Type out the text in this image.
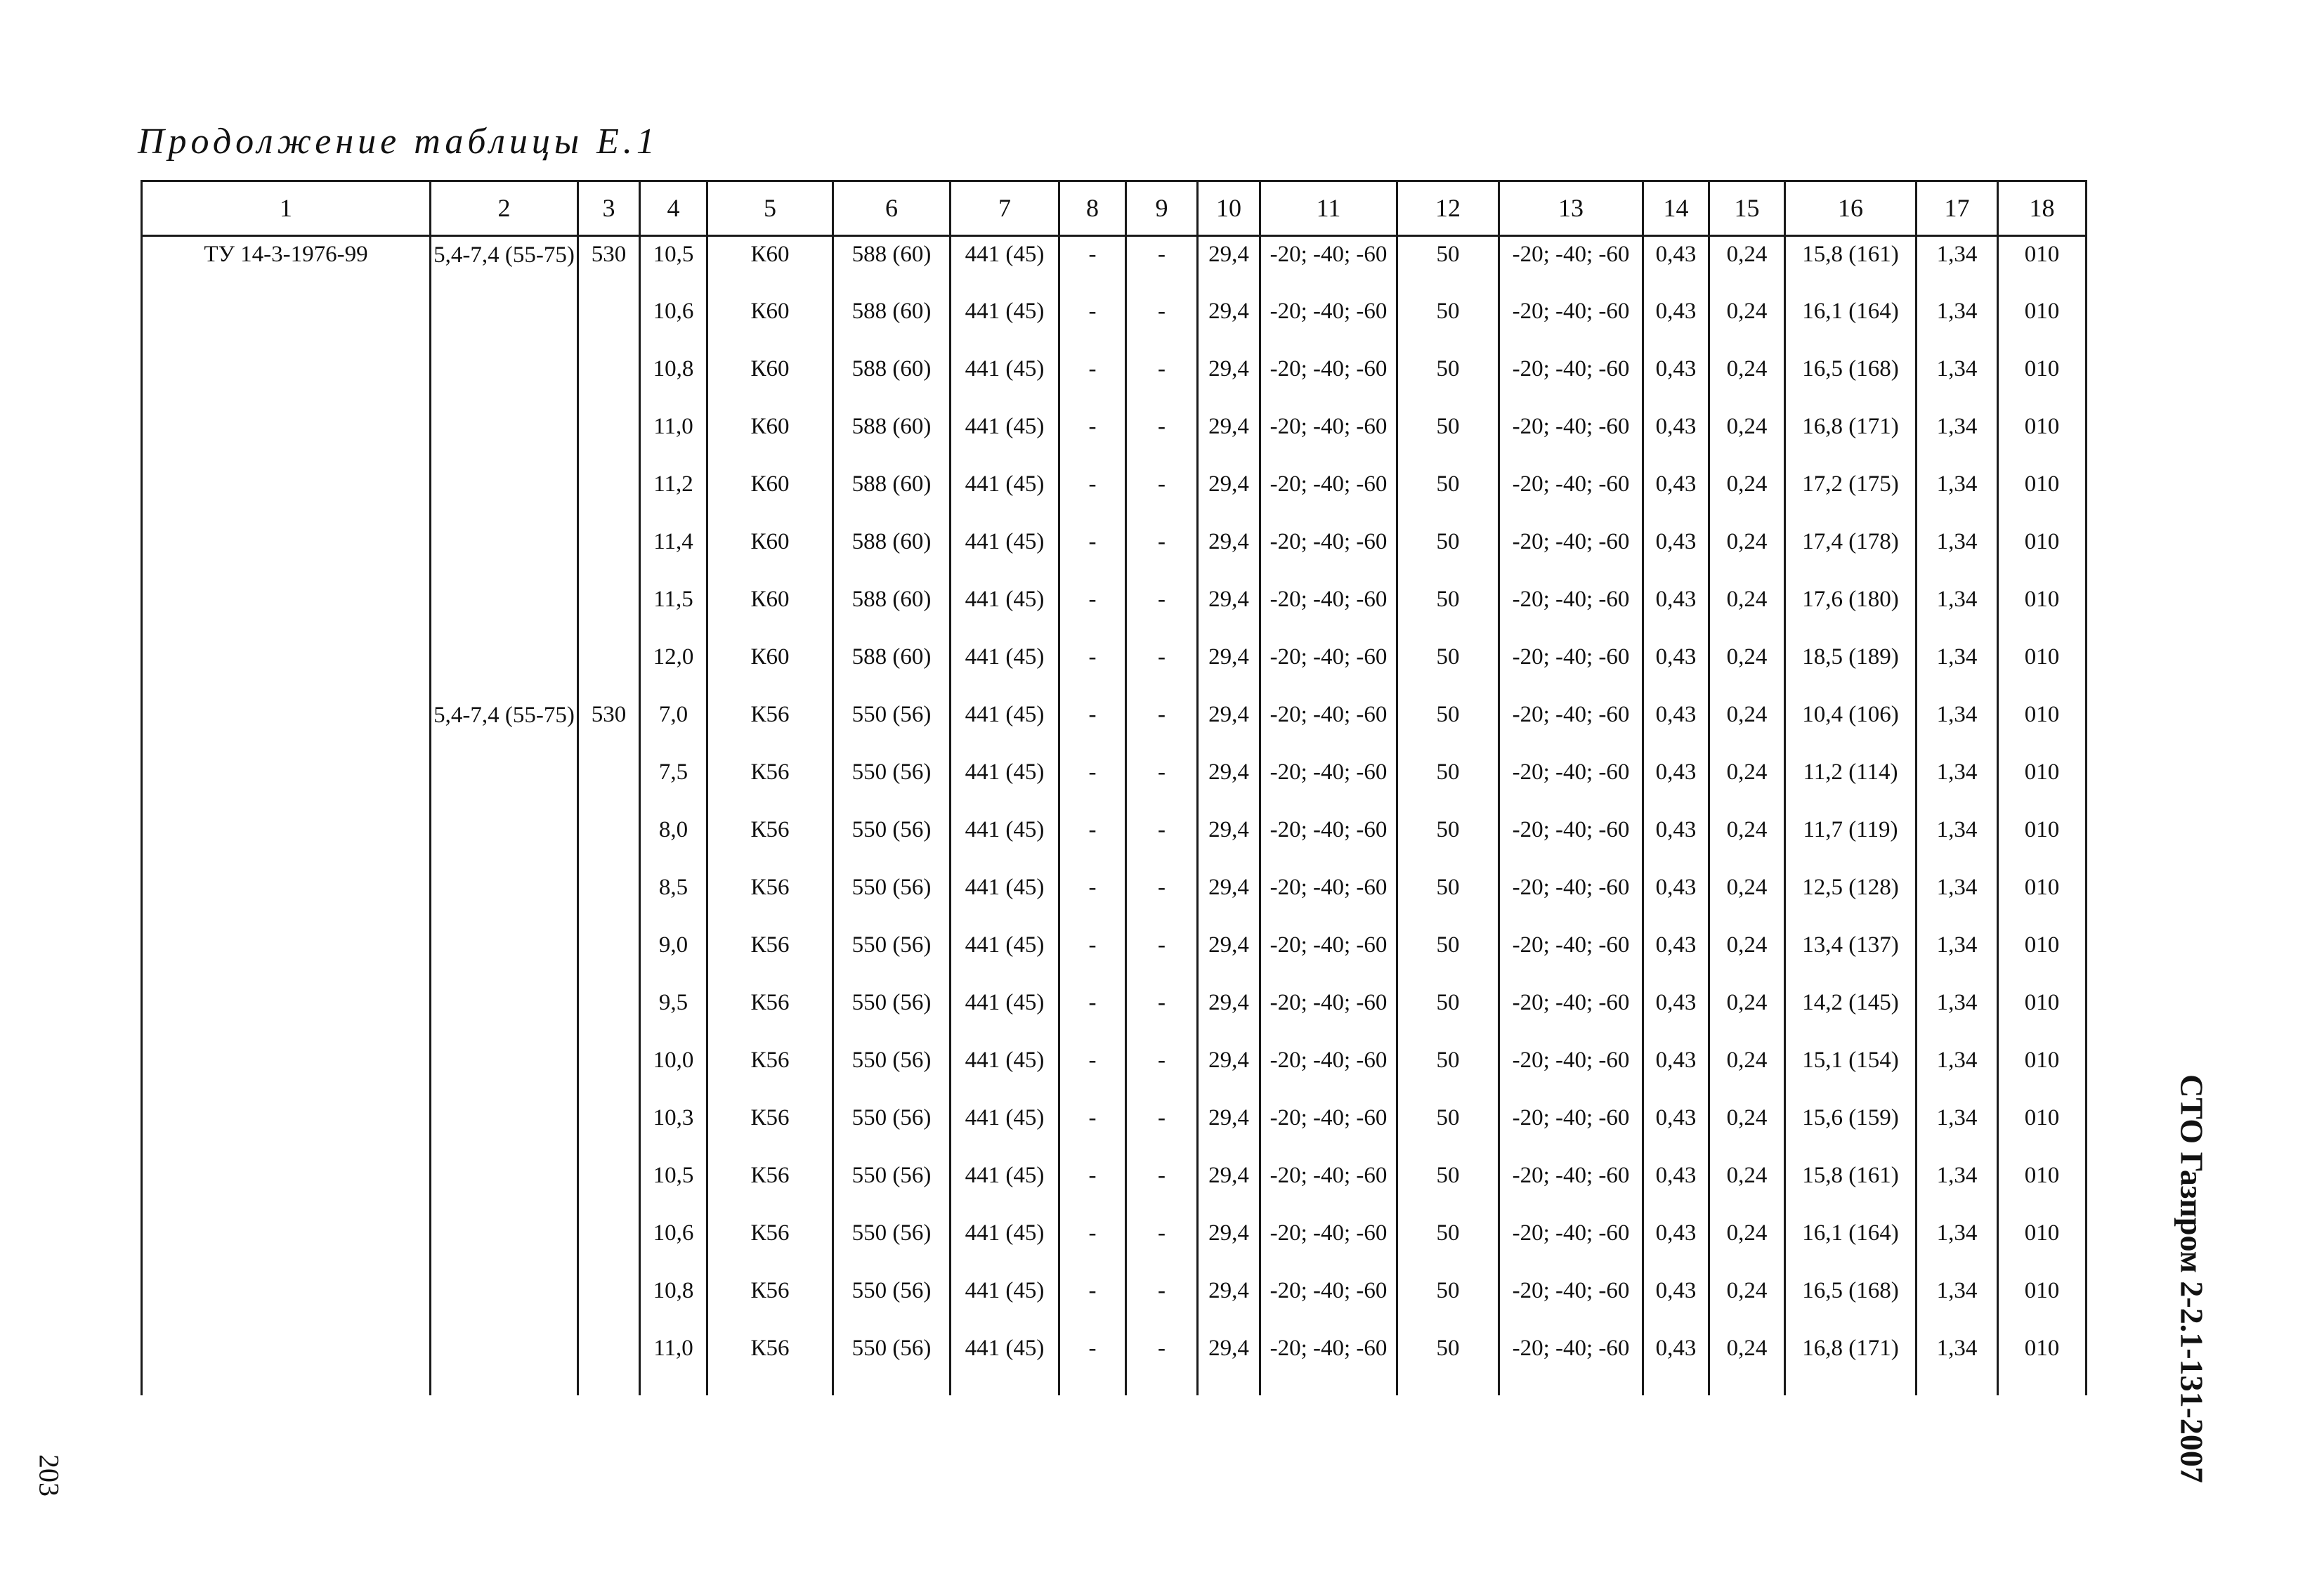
Продолжение таблицы Е.1
1	2	3	4	5	6	7	8	9	10	11	12	13	14	15	16	17	18
ТУ 14-3-1976-99	5,4-7,4 (55-75)	530	10,5	К60	588 (60)	441 (45)	-	-	29,4	-20; -40; -60	50	-20; -40; -60	0,43	0,24	15,8 (161)	1,34	010
			10,6	К60	588 (60)	441 (45)	-	-	29,4	-20; -40; -60	50	-20; -40; -60	0,43	0,24	16,1 (164)	1,34	010
			10,8	К60	588 (60)	441 (45)	-	-	29,4	-20; -40; -60	50	-20; -40; -60	0,43	0,24	16,5 (168)	1,34	010
			11,0	К60	588 (60)	441 (45)	-	-	29,4	-20; -40; -60	50	-20; -40; -60	0,43	0,24	16,8 (171)	1,34	010
			11,2	К60	588 (60)	441 (45)	-	-	29,4	-20; -40; -60	50	-20; -40; -60	0,43	0,24	17,2 (175)	1,34	010
			11,4	К60	588 (60)	441 (45)	-	-	29,4	-20; -40; -60	50	-20; -40; -60	0,43	0,24	17,4 (178)	1,34	010
			11,5	К60	588 (60)	441 (45)	-	-	29,4	-20; -40; -60	50	-20; -40; -60	0,43	0,24	17,6 (180)	1,34	010
			12,0	К60	588 (60)	441 (45)	-	-	29,4	-20; -40; -60	50	-20; -40; -60	0,43	0,24	18,5 (189)	1,34	010
	5,4-7,4 (55-75)	530	7,0	К56	550 (56)	441 (45)	-	-	29,4	-20; -40; -60	50	-20; -40; -60	0,43	0,24	10,4 (106)	1,34	010
			7,5	К56	550 (56)	441 (45)	-	-	29,4	-20; -40; -60	50	-20; -40; -60	0,43	0,24	11,2 (114)	1,34	010
			8,0	К56	550 (56)	441 (45)	-	-	29,4	-20; -40; -60	50	-20; -40; -60	0,43	0,24	11,7 (119)	1,34	010
			8,5	К56	550 (56)	441 (45)	-	-	29,4	-20; -40; -60	50	-20; -40; -60	0,43	0,24	12,5 (128)	1,34	010
			9,0	К56	550 (56)	441 (45)	-	-	29,4	-20; -40; -60	50	-20; -40; -60	0,43	0,24	13,4 (137)	1,34	010
			9,5	К56	550 (56)	441 (45)	-	-	29,4	-20; -40; -60	50	-20; -40; -60	0,43	0,24	14,2 (145)	1,34	010
			10,0	К56	550 (56)	441 (45)	-	-	29,4	-20; -40; -60	50	-20; -40; -60	0,43	0,24	15,1 (154)	1,34	010
			10,3	К56	550 (56)	441 (45)	-	-	29,4	-20; -40; -60	50	-20; -40; -60	0,43	0,24	15,6 (159)	1,34	010
			10,5	К56	550 (56)	441 (45)	-	-	29,4	-20; -40; -60	50	-20; -40; -60	0,43	0,24	15,8 (161)	1,34	010
			10,6	К56	550 (56)	441 (45)	-	-	29,4	-20; -40; -60	50	-20; -40; -60	0,43	0,24	16,1 (164)	1,34	010
			10,8	К56	550 (56)	441 (45)	-	-	29,4	-20; -40; -60	50	-20; -40; -60	0,43	0,24	16,5 (168)	1,34	010
			11,0	К56	550 (56)	441 (45)	-	-	29,4	-20; -40; -60	50	-20; -40; -60	0,43	0,24	16,8 (171)	1,34	010	СТО Газпром 2-2.1-131-2007
203
